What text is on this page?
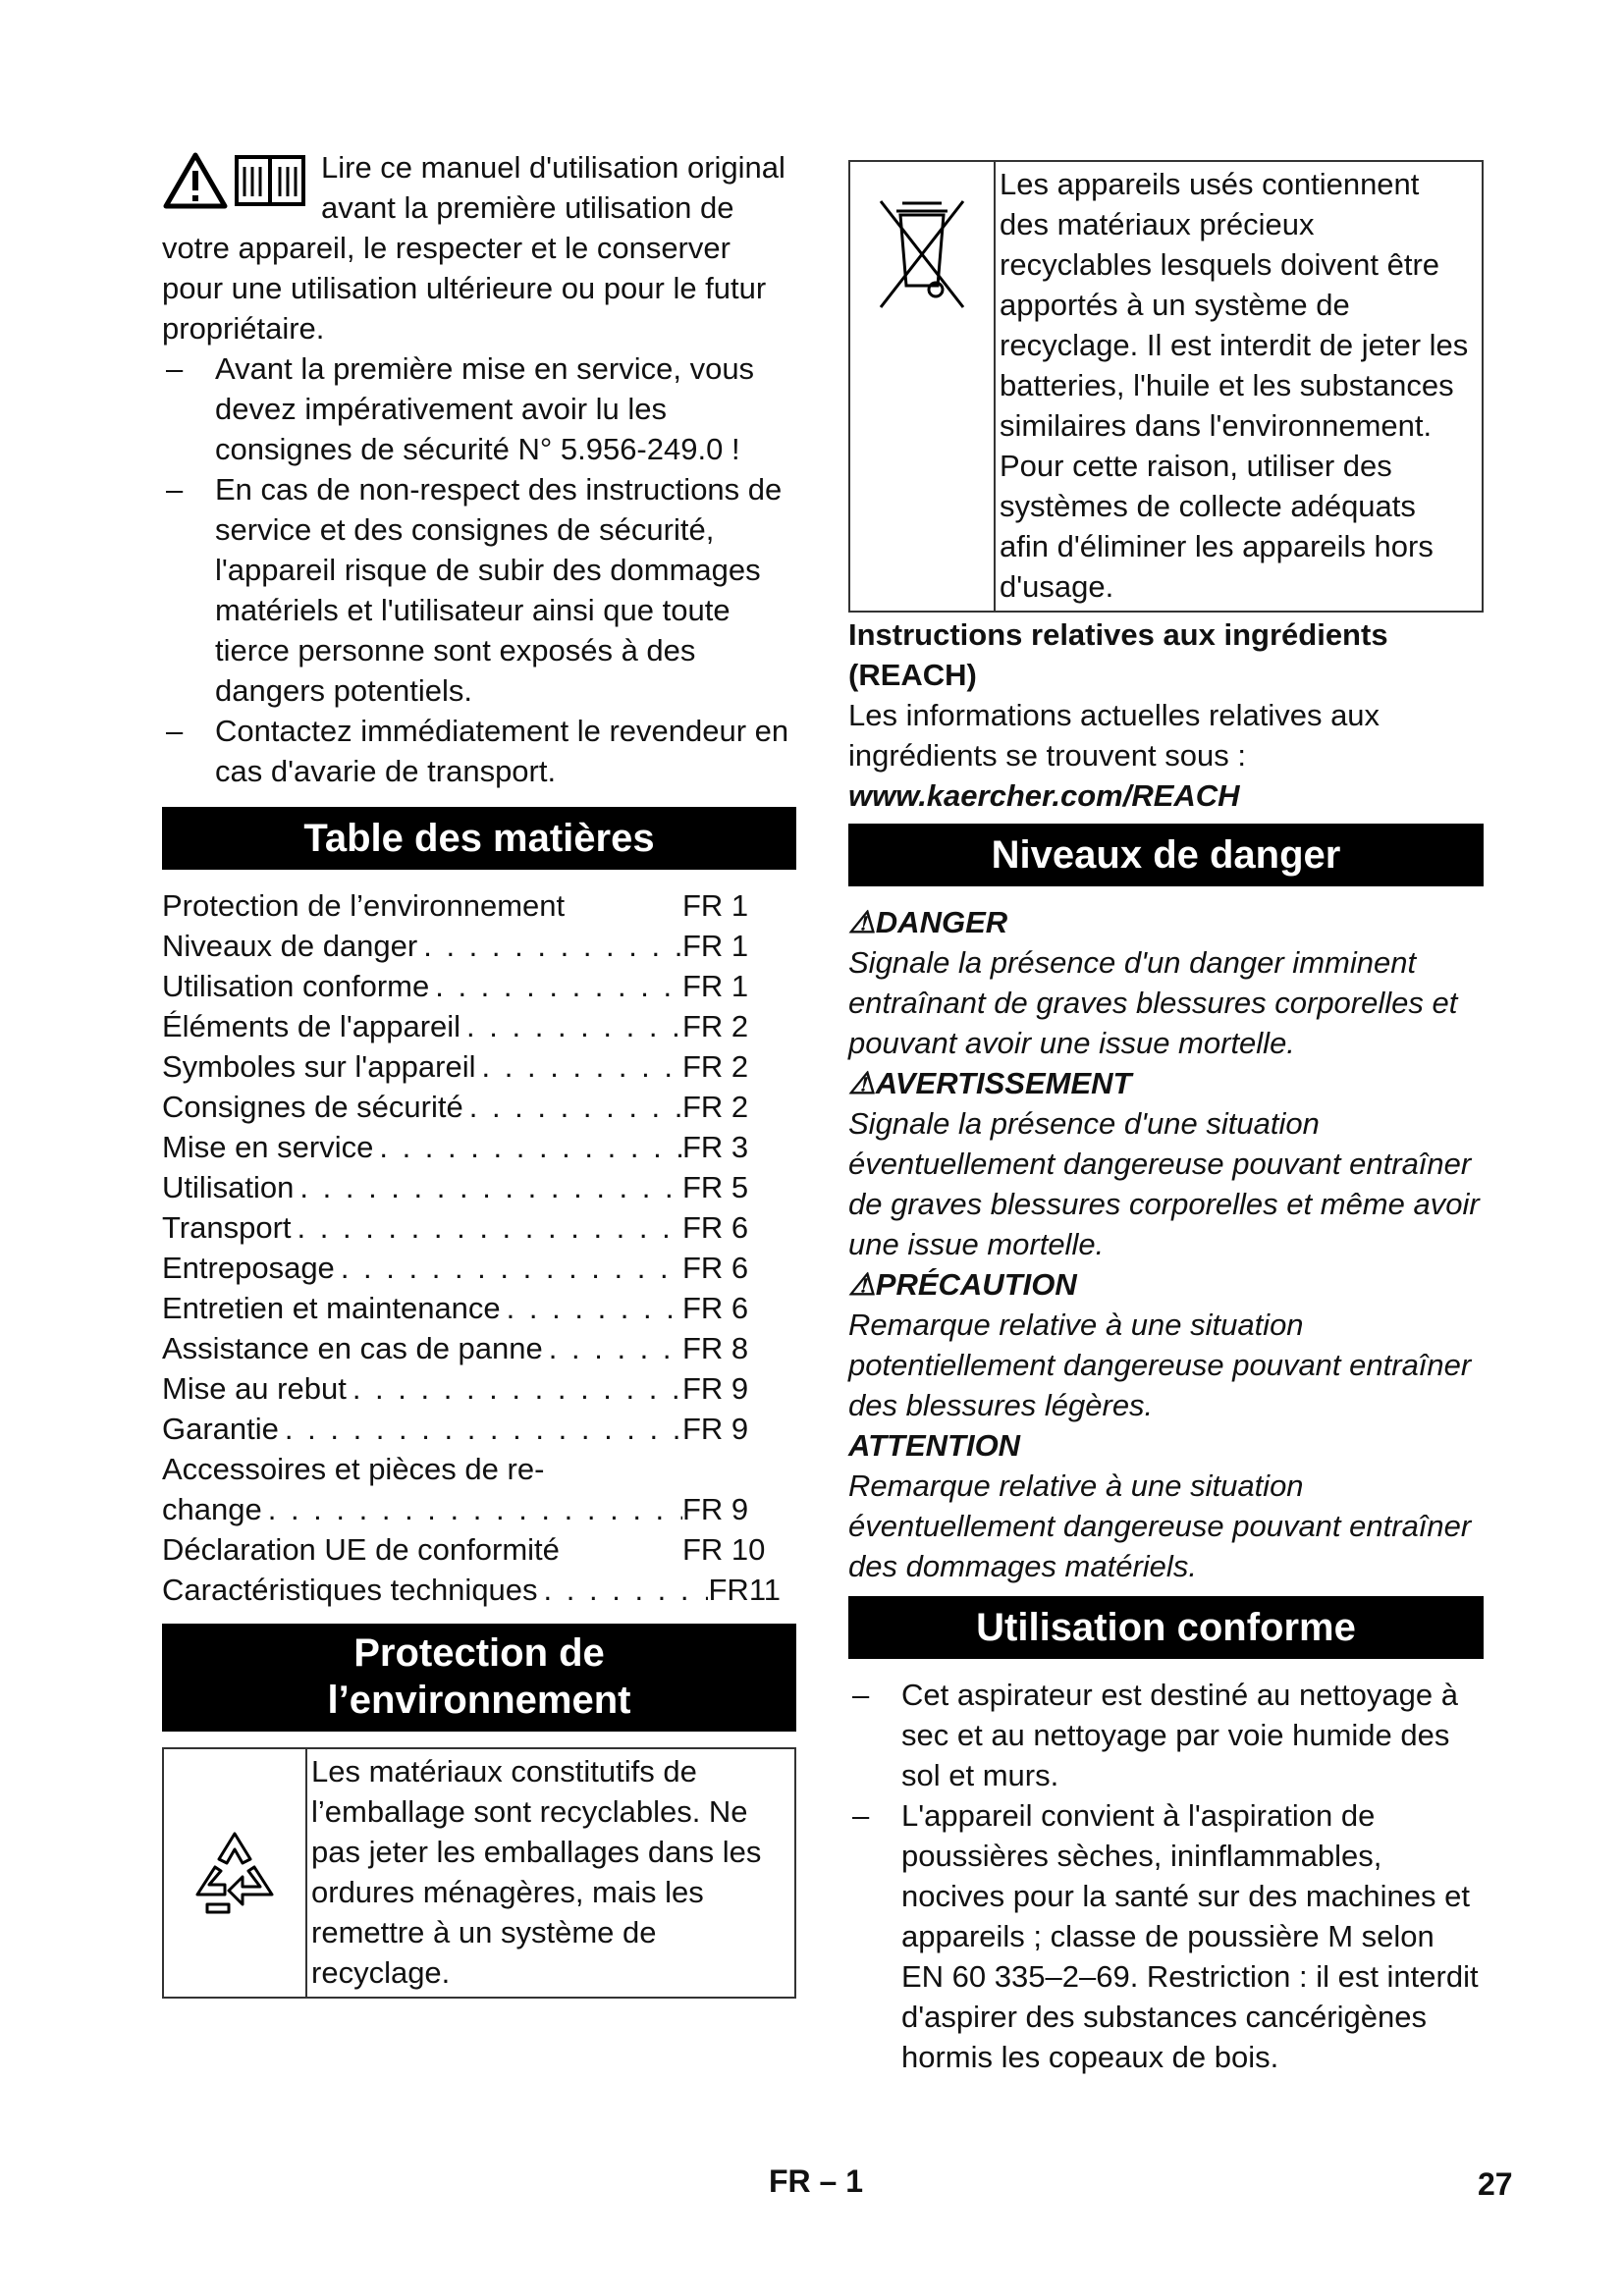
Lire ce manuel d'utilisation original avant la première utilisation de votre appareil, le respecter et le conserver pour une utilisation ultérieure ou pour le futur propriétaire.

– Avant la première mise en service, vous devez impérativement avoir lu les consignes de sécurité N° 5.956-249.0 !
– En cas de non-respect des instructions de service et des consignes de sécurité, l'appareil risque de subir des dommages matériels et l'utilisateur ainsi que toute tierce personne sont exposés à des dangers potentiels.
– Contactez immédiatement le revendeur en cas d'avarie de transport.
Table des matières
Protection de l’environnement	FR 1
Niveaux de danger . . .	FR 1
Utilisation conforme . . .	FR 1
Éléments de l'appareil . . .	FR 2
Symboles sur l'appareil . . .	FR 2
Consignes de sécurité . . .	FR 2
Mise en service . . .	FR 3
Utilisation . . .	FR 5
Transport . . .	FR 6
Entreposage . . .	FR 6
Entretien et maintenance . . .	FR 6
Assistance en cas de panne . . .	FR 8
Mise au rebut . . .	FR 9
Garantie . . .	FR 9
Accessoires et pièces de re-
change . . .	FR 9
Déclaration UE de conformité	FR 10
Caractéristiques techniques . . .	FR 11
Protection de
l’environnement
Les matériaux constitutifs de l’emballage sont recyclables. Ne pas jeter les emballages dans les ordures ménagères, mais les remettre à un système de recyclage.
Les appareils usés contiennent des matériaux précieux recyclables lesquels doivent être apportés à un système de recyclage. Il est interdit de jeter les batteries, l'huile et les substances similaires dans l'environnement. Pour cette raison, utiliser des systèmes de collecte adéquats afin d'éliminer les appareils hors d'usage.

Instructions relatives aux ingrédients (REACH)

Les informations actuelles relatives aux ingrédients se trouvent sous :

www.kaercher.com/REACH

Niveaux de danger

⚠DANGER

Signale la présence d'un danger imminent entraînant de graves blessures corporelles et pouvant avoir une issue mortelle.

⚠AVERTISSEMENT

Signale la présence d'une situation éventuellement dangereuse pouvant entraîner de graves blessures corporelles et même avoir une issue mortelle.

⚠PRÉCAUTION

Remarque relative à une situation potentiellement dangereuse pouvant entraîner des blessures légères.

ATTENTION

Remarque relative à une situation éventuellement dangereuse pouvant entraîner des dommages matériels.

Utilisation conforme
– Cet aspirateur est destiné au nettoyage à sec et au nettoyage par voie humide des sol et murs.
– L'appareil convient à l'aspiration de poussières sèches, ininflammables, nocives pour la santé sur des machines et appareils ; classe de poussière M selon EN 60 335–2–69. Restriction : il est interdit d'aspirer des substances cancérigènes hormis les copeaux de bois.
FR – 1	27
